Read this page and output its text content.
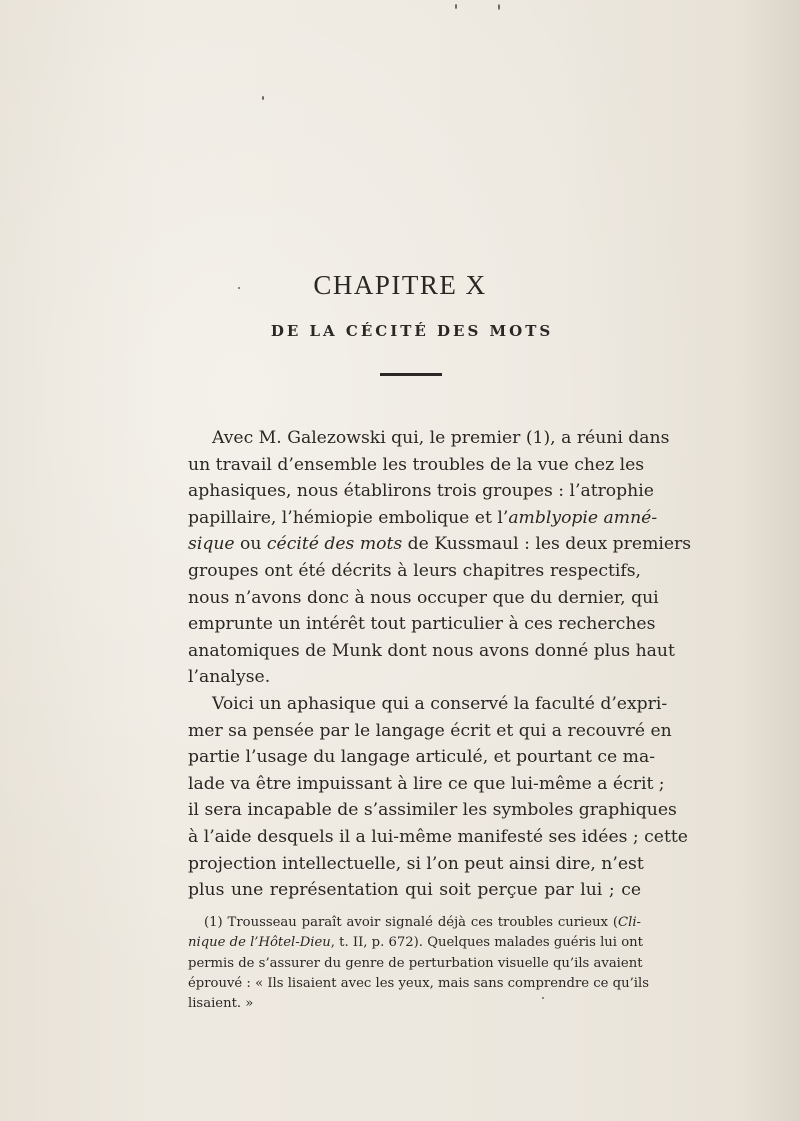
CHAPITRE X
DE LA CÉCITÉ DES MOTS
Avec M. Galezowski qui, le premier (1), a réuni dans
un travail d’ensemble les troubles de la vue chez les
aphasiques, nous établirons trois groupes : l’atrophie
papillaire, l’hémiopie embolique et l’amblyopie amné-
sique ou cécité des mots de Kussmaul : les deux premiers
groupes ont été décrits à leurs chapitres respectifs,
nous n’avons donc à nous occuper que du dernier, qui
emprunte un intérêt tout particulier à ces recherches
anatomiques de Munk dont nous avons donné plus haut
l’analyse.
Voici un aphasique qui a conservé la faculté d’expri-
mer sa pensée par le langage écrit et qui a recouvré en
partie l’usage du langage articulé, et pourtant ce ma-
lade va être impuissant à lire ce que lui-même a écrit ;
il sera incapable de s’assimiler les symboles graphiques
à l’aide desquels il a lui-même manifesté ses idées ; cette
projection intellectuelle, si l’on peut ainsi dire, n’est
plus une représentation qui soit perçue par lui ; ce
(1) Trousseau paraît avoir signalé déjà ces troubles curieux (Cli-
nique de l’Hôtel-Dieu, t. II, p. 672). Quelques malades guéris lui ont
permis de s’assurer du genre de perturbation visuelle qu’ils avaient
éprouvé : « Ils lisaient avec les yeux, mais sans comprendre ce qu’ils
lisaient. »
